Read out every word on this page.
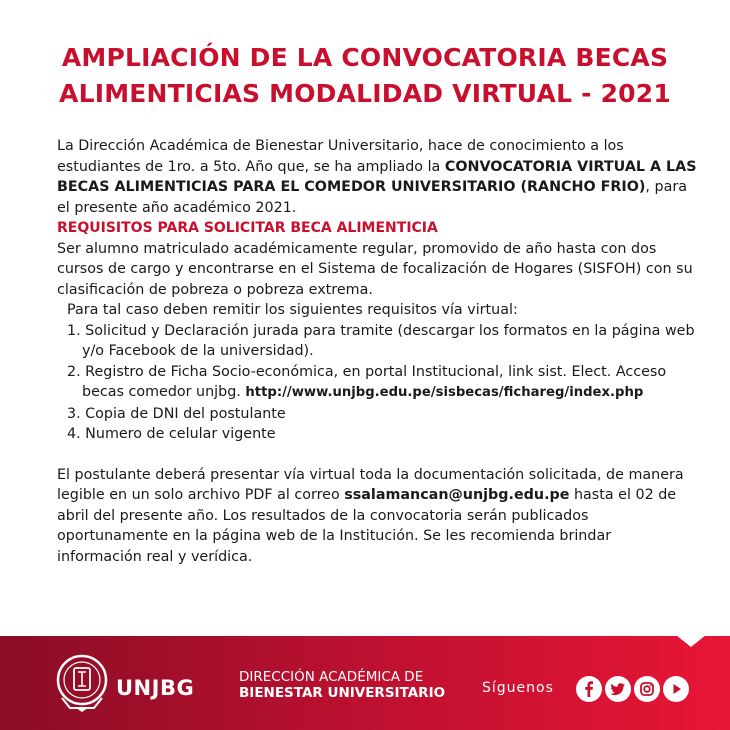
AMPLIACIÓN DE LA CONVOCATORIA BECAS
ALIMENTICIAS MODALIDAD VIRTUAL - 2021

La Dirección Académica de Bienestar Universitario, hace de conocimiento a los estudiantes de 1ro. a 5to. Año que, se ha ampliado la CONVOCATORIA VIRTUAL A LAS BECAS ALIMENTICIAS PARA EL COMEDOR UNIVERSITARIO (RANCHO FRIO), para el presente año académico 2021.

REQUISITOS PARA SOLICITAR BECA ALIMENTICIA

Ser alumno matriculado académicamente regular, promovido de año hasta con dos cursos de cargo y encontrarse en el Sistema de focalización de Hogares (SISFOH) con su clasificación de pobreza o pobreza extrema.

Para tal caso deben remitir los siguientes requisitos vía virtual:

1. Solicitud y Declaración jurada para tramite (descargar los formatos en la página web y/o Facebook de la universidad).
2. Registro de Ficha Socio-económica, en portal Institucional, link sist. Elect. Acceso becas comedor unjbg. http://www.unjbg.edu.pe/sisbecas/fichareg/index.php
3. Copia de DNI del postulante
4. Numero de celular vigente

El postulante deberá presentar vía virtual toda la documentación solicitada, de manera legible en un solo archivo PDF al correo ssalamancan@unjbg.edu.pe hasta el 02 de abril del presente año. Los resultados de la convocatoria serán publicados oportunamente en la página web de la Institución. Se les recomienda brindar información real y verídica.

UNJBG	DIRECCIÓN ACADÉMICA DE
BIENESTAR UNIVERSITARIO	Síguenos
